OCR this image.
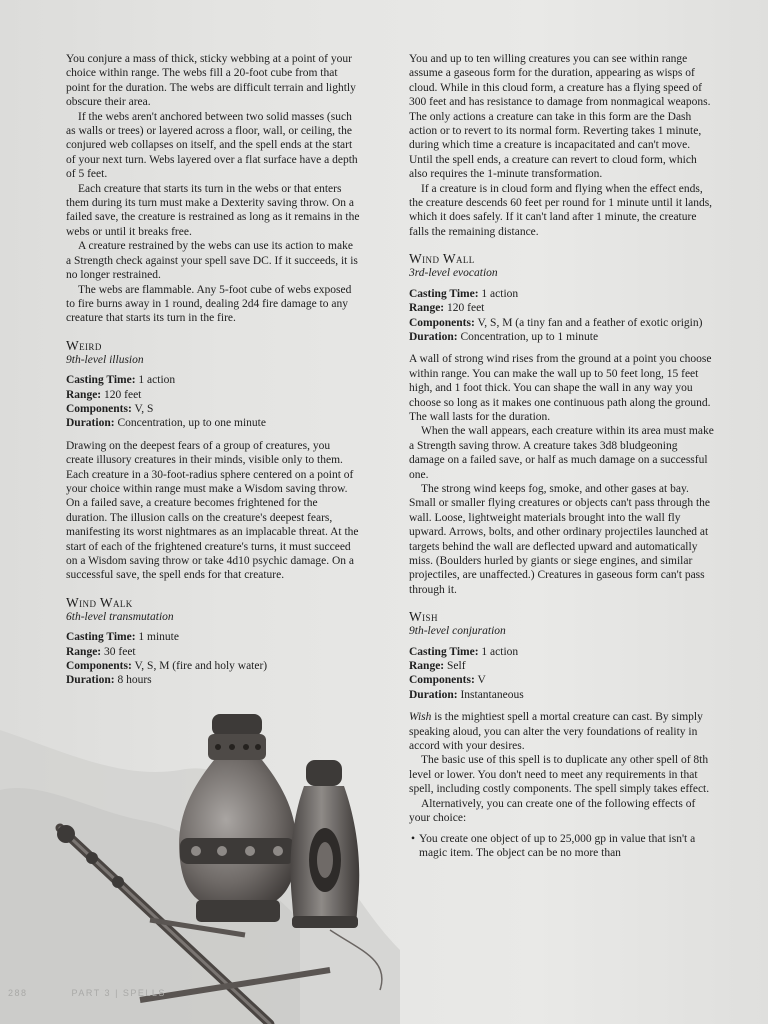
You conjure a mass of thick, sticky webbing at a point of your choice within range. The webs fill a 20-foot cube from that point for the duration. The webs are difficult terrain and lightly obscure their area.

If the webs aren't anchored between two solid masses (such as walls or trees) or layered across a floor, wall, or ceiling, the conjured web collapses on itself, and the spell ends at the start of your next turn. Webs layered over a flat surface have a depth of 5 feet.

Each creature that starts its turn in the webs or that enters them during its turn must make a Dexterity saving throw. On a failed save, the creature is restrained as long as it remains in the webs or until it breaks free.

A creature restrained by the webs can use its action to make a Strength check against your spell save DC. If it succeeds, it is no longer restrained.

The webs are flammable. Any 5-foot cube of webs exposed to fire burns away in 1 round, dealing 2d4 fire damage to any creature that starts its turn in the fire.

Weird
9th-level illusion
Casting Time: 1 action
Range: 120 feet
Components: V, S
Duration: Concentration, up to one minute

Drawing on the deepest fears of a group of creatures, you create illusory creatures in their minds, visible only to them. Each creature in a 30-foot-radius sphere centered on a point of your choice within range must make a Wisdom saving throw. On a failed save, a creature becomes frightened for the duration. The illusion calls on the creature's deepest fears, manifesting its worst nightmares as an implacable threat. At the start of each of the frightened creature's turns, it must succeed on a Wisdom saving throw or take 4d10 psychic damage. On a successful save, the spell ends for that creature.

Wind Walk
6th-level transmutation
Casting Time: 1 minute
Range: 30 feet
Components: V, S, M (fire and holy water)
Duration: 8 hours

You and up to ten willing creatures you can see within range assume a gaseous form for the duration, appearing as wisps of cloud. While in this cloud form, a creature has a flying speed of 300 feet and has resistance to damage from nonmagical weapons. The only actions a creature can take in this form are the Dash action or to revert to its normal form. Reverting takes 1 minute, during which time a creature is incapacitated and can't move. Until the spell ends, a creature can revert to cloud form, which also requires the 1-minute transformation.

If a creature is in cloud form and flying when the effect ends, the creature descends 60 feet per round for 1 minute until it lands, which it does safely. If it can't land after 1 minute, the creature falls the remaining distance.

Wind Wall
3rd-level evocation
Casting Time: 1 action
Range: 120 feet
Components: V, S, M (a tiny fan and a feather of exotic origin)
Duration: Concentration, up to 1 minute

A wall of strong wind rises from the ground at a point you choose within range. You can make the wall up to 50 feet long, 15 feet high, and 1 foot thick. You can shape the wall in any way you choose so long as it makes one continuous path along the ground. The wall lasts for the duration.

When the wall appears, each creature within its area must make a Strength saving throw. A creature takes 3d8 bludgeoning damage on a failed save, or half as much damage on a successful one.

The strong wind keeps fog, smoke, and other gases at bay. Small or smaller flying creatures or objects can't pass through the wall. Loose, lightweight materials brought into the wall fly upward. Arrows, bolts, and other ordinary projectiles launched at targets behind the wall are deflected upward and automatically miss. (Boulders hurled by giants or siege engines, and similar projectiles, are unaffected.) Creatures in gaseous form can't pass through it.

Wish
9th-level conjuration
Casting Time: 1 action
Range: Self
Components: V
Duration: Instantaneous

Wish is the mightiest spell a mortal creature can cast. By simply speaking aloud, you can alter the very foundations of reality in accord with your desires.

The basic use of this spell is to duplicate any other spell of 8th level or lower. You don't need to meet any requirements in that spell, including costly components. The spell simply takes effect.

Alternatively, you can create one of the following effects of your choice:

• You create one object of up to 25,000 gp in value that isn't a magic item. The object can be no more than
288	PART 3 | SPELLS
